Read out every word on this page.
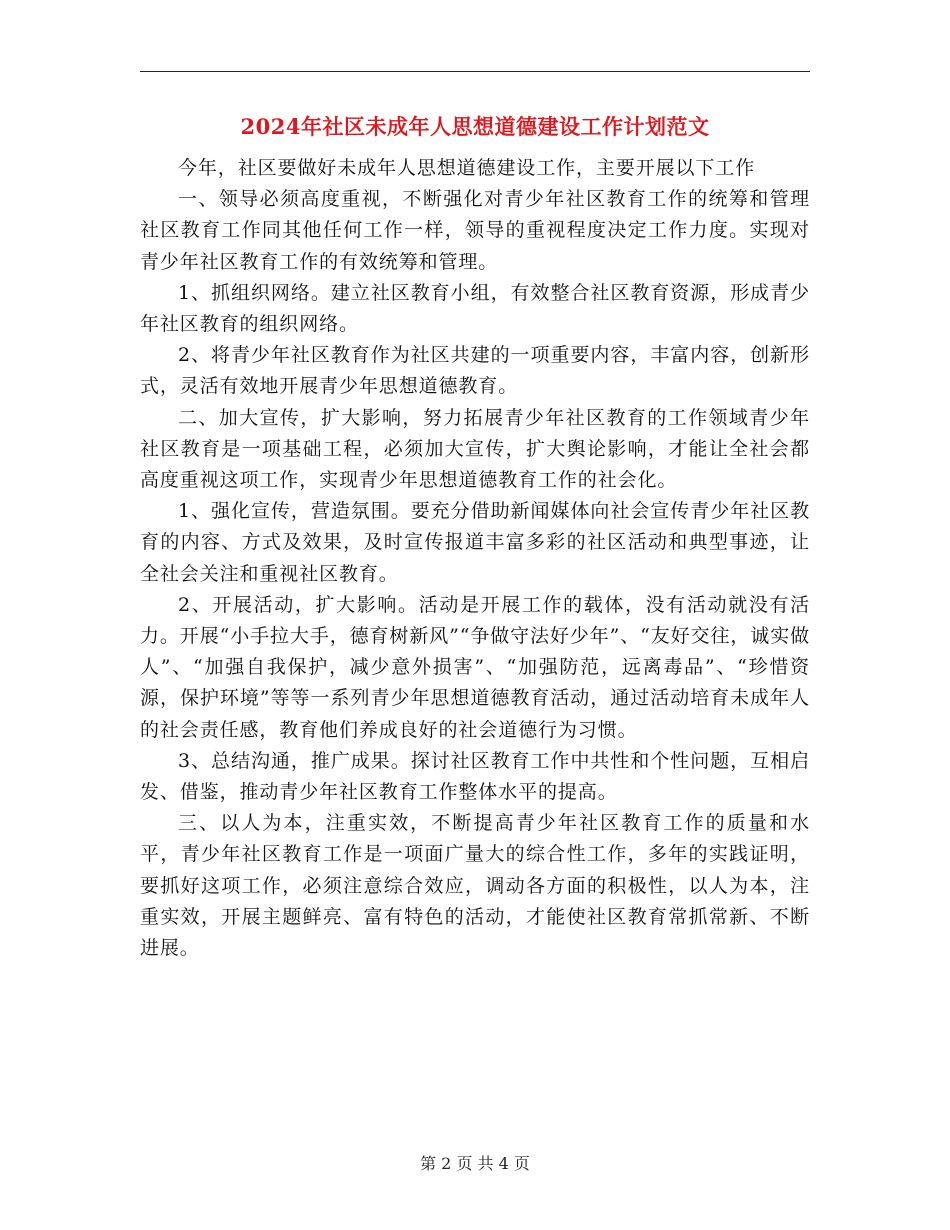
2024年社区未成年人思想道德建设工作计划范文

今年，社区要做好未成年人思想道德建设工作，主要开展以下工作

一、领导必须高度重视，不断强化对青少年社区教育工作的统筹和管理社区教育工作同其他任何工作一样，领导的重视程度决定工作力度。实现对青少年社区教育工作的有效统筹和管理。

1、抓组织网络。建立社区教育小组，有效整合社区教育资源，形成青少年社区教育的组织网络。

2、将青少年社区教育作为社区共建的一项重要内容，丰富内容，创新形式，灵活有效地开展青少年思想道德教育。

二、加大宣传，扩大影响，努力拓展青少年社区教育的工作领域青少年社区教育是一项基础工程，必须加大宣传，扩大舆论影响，才能让全社会都高度重视这项工作，实现青少年思想道德教育工作的社会化。

1、强化宣传，营造氛围。要充分借助新闻媒体向社会宣传青少年社区教育的内容、方式及效果，及时宣传报道丰富多彩的社区活动和典型事迹，让全社会关注和重视社区教育。

2、开展活动，扩大影响。活动是开展工作的载体，没有活动就没有活力。开展“小手拉大手，德育树新风”“争做守法好少年”、“友好交往，诚实做人”、“加强自我保护，减少意外损害”、“加强防范，远离毒品”、“珍惜资源，保护环境”等等一系列青少年思想道德教育活动，通过活动培育未成年人的社会责任感，教育他们养成良好的社会道德行为习惯。

3、总结沟通，推广成果。探讨社区教育工作中共性和个性问题，互相启发、借鉴，推动青少年社区教育工作整体水平的提高。

三、以人为本，注重实效，不断提高青少年社区教育工作的质量和水平，青少年社区教育工作是一项面广量大的综合性工作，多年的实践证明，要抓好这项工作，必须注意综合效应，调动各方面的积极性，以人为本，注重实效，开展主题鲜亮、富有特色的活动，才能使社区教育常抓常新、不断进展。

第 2 页 共 4 页
